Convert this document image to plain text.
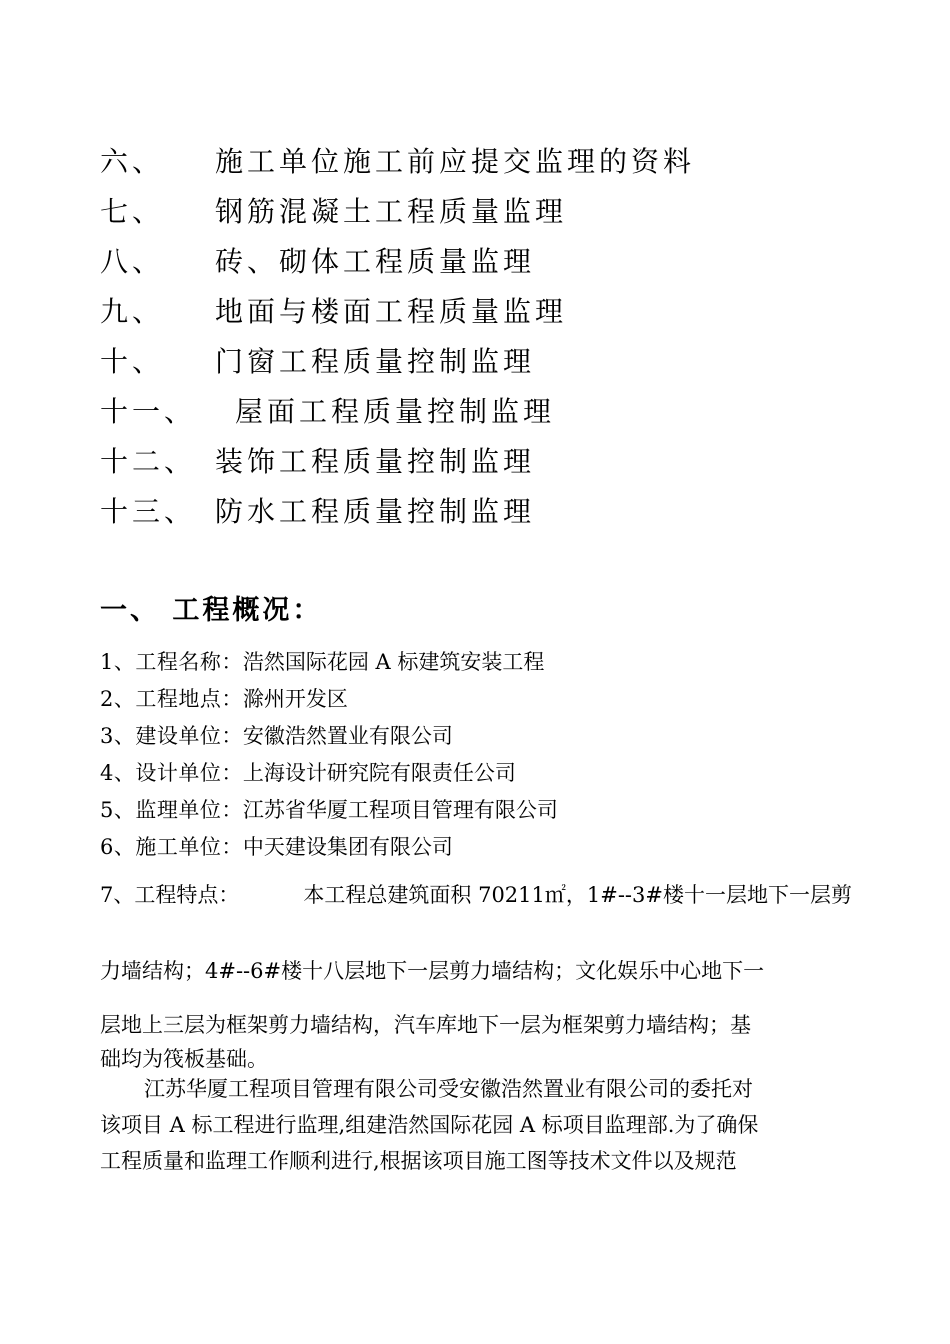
六、 施工单位施工前应提交监理的资料
七、 钢筋混凝土工程质量监理
八、 砖、砌体工程质量监理
九、 地面与楼面工程质量监理
十、 门窗工程质量控制监理
十一、 屋面工程质量控制监理
十二、 装饰工程质量控制监理
十三、 防水工程质量控制监理
一、 工程概况：
1、工程名称：浩然国际花园 A 标建筑安装工程
2、工程地点：滁州开发区
3、建设单位：安徽浩然置业有限公司
4、设计单位：上海设计研究院有限责任公司
5、监理单位：江苏省华厦工程项目管理有限公司
6、施工单位：中天建设集团有限公司
7、工程特点：	本工程总建筑面积 70211㎡，1#--3#楼十一层地下一层剪
力墙结构；4#--6#楼十八层地下一层剪力墙结构；文化娱乐中心地下一
层地上三层为框架剪力墙结构，汽车库地下一层为框架剪力墙结构；基
础均为筏板基础。
江苏华厦工程项目管理有限公司受安徽浩然置业有限公司的委托对
该项目 A 标工程进行监理,组建浩然国际花园 A 标项目监理部.为了确保
工程质量和监理工作顺利进行,根据该项目施工图等技术文件以及规范
